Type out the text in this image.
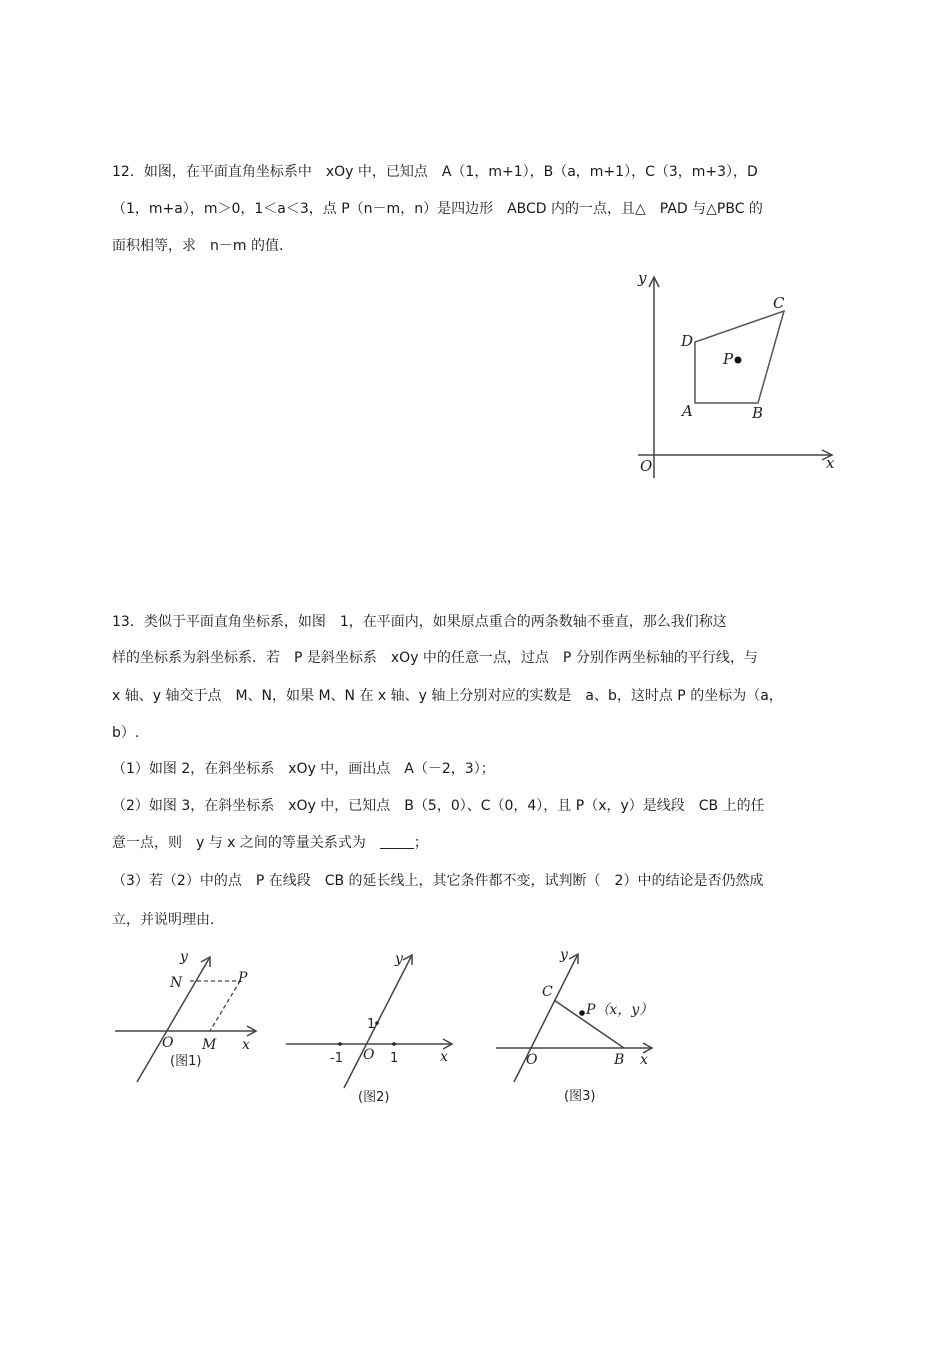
12．如图，在平面直角坐标系中　xOy 中，已知点　A（1，m+1），B（a，m+1），C（3，m+3），D
（1，m+a），m＞0，1＜a＜3，点 P（n－m，n）是四边形　ABCD 内的一点，且△　PAD 与△PBC 的
面积相等，求　n－m 的值.
y
x
O
A	B
C
D
P
13．类似于平面直角坐标系，如图　1，在平面内，如果原点重合的两条数轴不垂直，那么我们称这
样的坐标系为斜坐标系．若　P 是斜坐标系　xOy 中的任意一点，过点　P 分别作两坐标轴的平行线，与
x 轴、y 轴交于点　M、N，如果 M、N 在 x 轴、y 轴上分别对应的实数是　a、b，这时点 P 的坐标为（a，
b）.
（1）如图 2，在斜坐标系　xOy 中，画出点　A（－2，3）；
（2）如图 3，在斜坐标系　xOy 中，已知点　B（5，0）、C（0，4），且 P（x，y）是线段　CB 上的任
意一点，则　y 与 x 之间的等量关系式为　；
（3）若（2）中的点　P 在线段　CB 的延长线上，其它条件都不变，试判断（　2）中的结论是否仍然成
立，并说明理由.
y
N	P
O M x
(图1)
y
1
-1 O 1	x
(图2)
y
C
P（x，y）
O	B x
(图3)
